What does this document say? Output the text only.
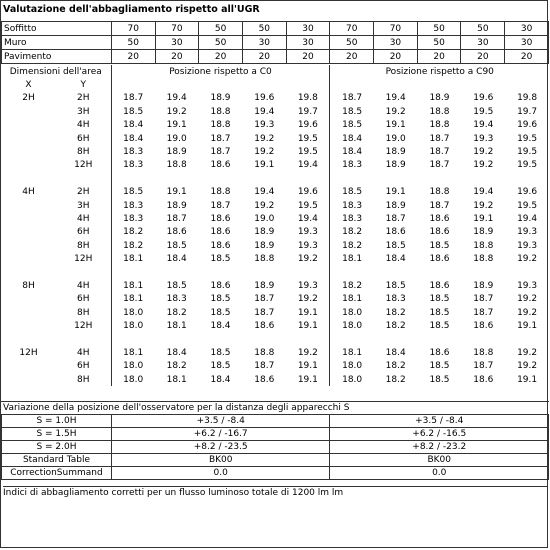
Valutazione dell'abbagliamento rispetto all'UGR
Soffitto	70	70	50	50	30	70	70	50	50	30
Muro	50	30	50	30	30	50	30	50	30	30
Pavimento	20	20	20	20	20	20	20	20	20	20
Dimensioni dell'area		Posizione rispetto a C0					Posizione rispetto a C90				
X	Y										
2H	2H	18.7	19.4	18.9	19.6	19.8	18.7	19.4	18.9	19.6	19.8
	3H	18.5	19.2	18.8	19.4	19.7	18.5	19.2	18.8	19.5	19.7
	4H	18.4	19.1	18.8	19.3	19.6	18.5	19.1	18.8	19.4	19.6
	6H	18.4	19.0	18.7	19.2	19.5	18.4	19.0	18.7	19.3	19.5
	8H	18.3	18.9	18.7	19.2	19.5	18.4	18.9	18.7	19.2	19.5
	12H	18.3	18.8	18.6	19.1	19.4	18.3	18.9	18.7	19.2	19.5

4H	2H	18.5	19.1	18.8	19.4	19.6	18.5	19.1	18.8	19.4	19.6
	3H	18.3	18.9	18.7	19.2	19.5	18.3	18.9	18.7	19.2	19.5
	4H	18.3	18.7	18.6	19.0	19.4	18.3	18.7	18.6	19.1	19.4
	6H	18.2	18.6	18.6	18.9	19.3	18.2	18.6	18.6	18.9	19.3
	8H	18.2	18.5	18.6	18.9	19.3	18.2	18.5	18.5	18.8	19.3
	12H	18.1	18.4	18.5	18.8	19.2	18.1	18.4	18.6	18.8	19.2

8H	4H	18.1	18.5	18.6	18.9	19.3	18.2	18.5	18.6	18.9	19.3
	6H	18.1	18.3	18.5	18.7	19.2	18.1	18.3	18.5	18.7	19.2
	8H	18.0	18.2	18.5	18.7	19.1	18.0	18.2	18.5	18.7	19.2
	12H	18.0	18.1	18.4	18.6	19.1	18.0	18.2	18.5	18.6	19.1

12H	4H	18.1	18.4	18.5	18.8	19.2	18.1	18.4	18.6	18.8	19.2
	6H	18.0	18.2	18.5	18.7	19.1	18.0	18.2	18.5	18.7	19.2
	8H	18.0	18.1	18.4	18.6	19.1	18.0	18.2	18.5	18.6	19.1
Variazione della posizione dell'osservatore per la distanza degli apparecchi S
S = 1.0H	+3.5 / -8.4	+3.5 / -8.4
S = 1.5H	+6.2 / -16.7	+6.2 / -16.5
S = 2.0H	+8.2 / -23.5	+8.2 / -23.2
Standard Table	BK00	BK00
CorrectionSummand	0.0	0.0
Indici di abbagliamento corretti per un flusso luminoso totale di 1200 lm lm
